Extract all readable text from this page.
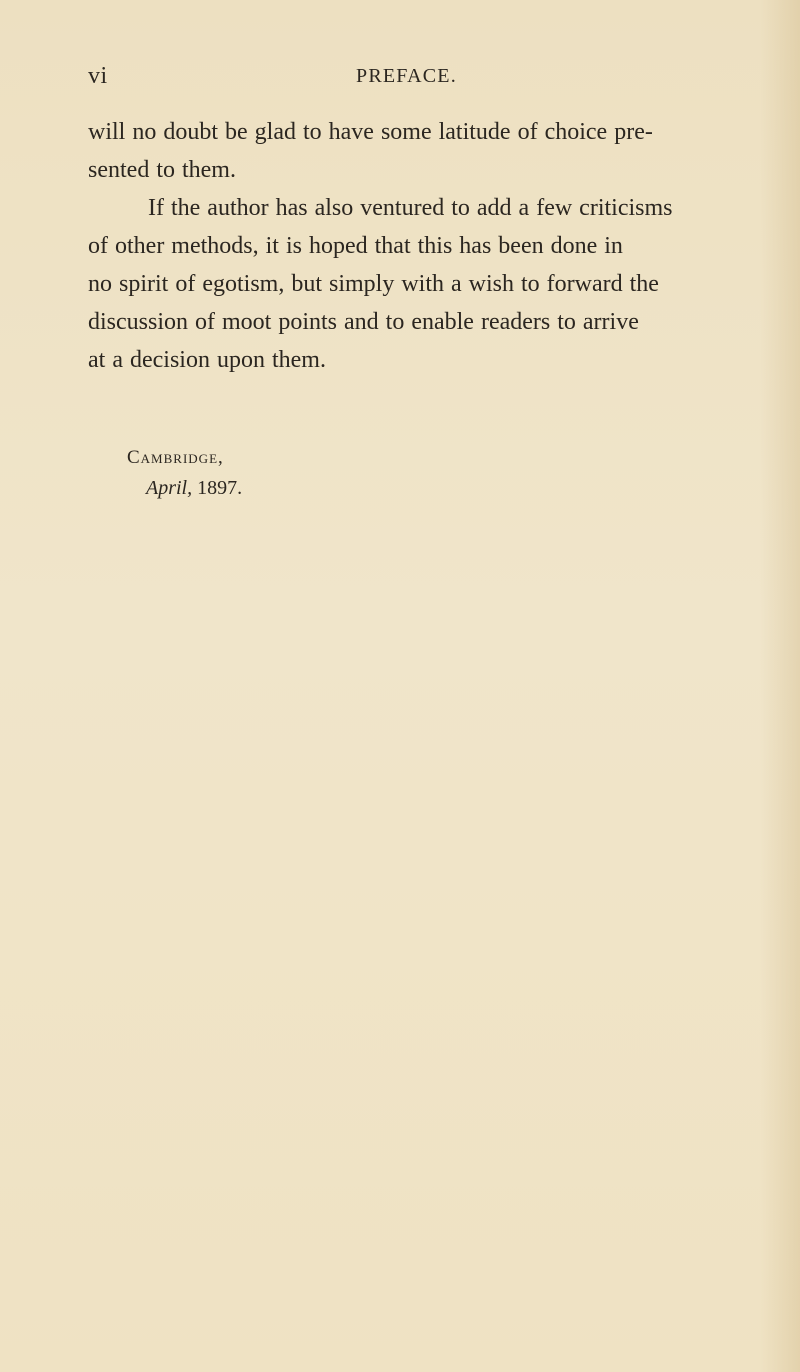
vi	PREFACE.

will no doubt be glad to have some latitude of choice pre-
sented to them.

If the author has also ventured to add a few criticisms
of other methods, it is hoped that this has been done in
no spirit of egotism, but simply with a wish to forward the
discussion of moot points and to enable readers to arrive
at a decision upon them.

Cambridge,
April, 1897.
